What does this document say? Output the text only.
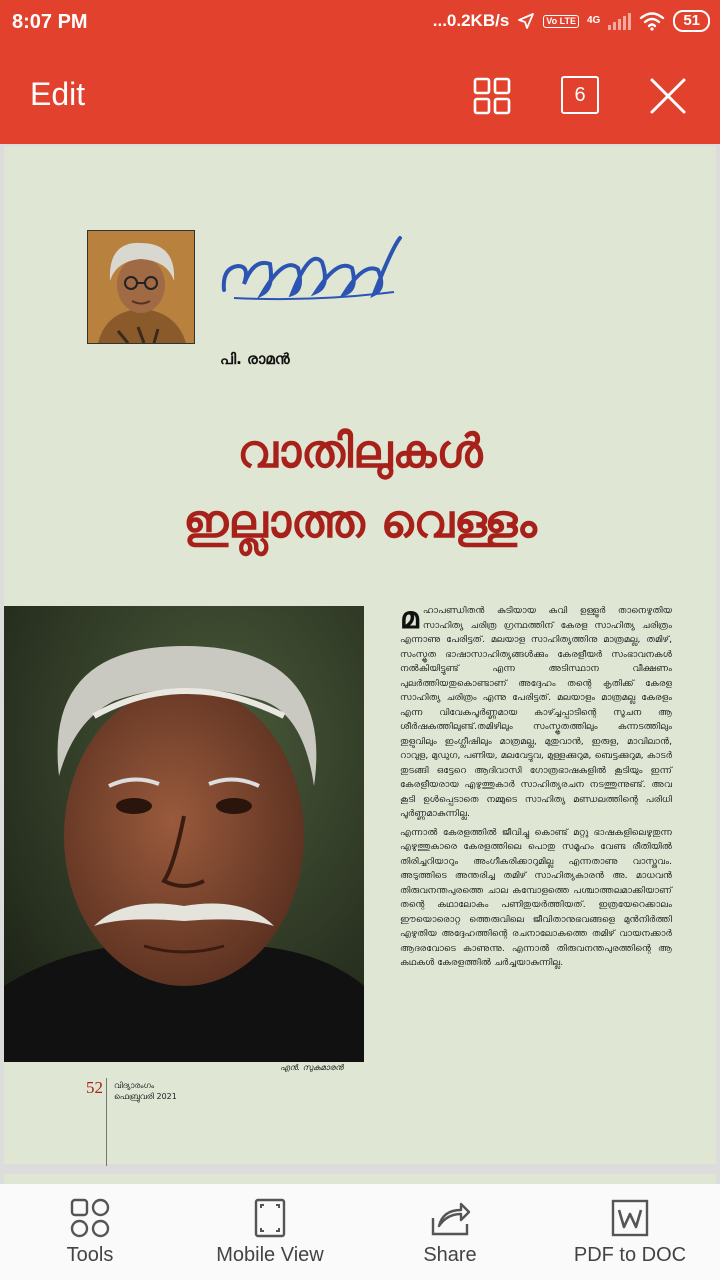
8:07 PM	...0.2KB/s	Vo LTE	4G	51
Edit	6
കവിനിഴൽമാല
പി. രാമൻ
വാതിലുകൾ
ഇല്ലാത്ത വെള്ളം
എൻ. സുകുമാരൻ

മഹാപണ്ഡിതൻ കുടിയായ കവി ഉള്ളൂർ താനെഴുതിയ സാഹിത്യ ചരിത്ര ഗ്രന്ഥത്തിന് കേരള സാഹിത്യ ചരിത്രം എന്നാണു പേരിട്ടത്. മലയാള സാഹിത്യത്തിനു മാത്രമല്ല, തമിഴ്, സംസ്കൃത ഭാഷാസാഹിത്യങ്ങൾക്കും കേരളീയർ സംഭാവനകൾ നൽകിയിട്ടുണ്ട് എന്ന അടിസ്ഥാന വീക്ഷണം പുലർത്തിയതുകൊണ്ടാണ് അദ്ദേഹം തന്റെ കൃതിക്ക് കേരള സാഹിത്യ ചരിത്രം എന്നു പേരിട്ടത്. മലയാളം മാത്രമല്ല കേരളം എന്ന വിവേകപൂർണ്ണമായ കാഴ്ച്ചപ്പാടിന്റെ സൂചന ആ ശീർഷകത്തിലുണ്ട്.തമിഴിലും സംസ്കൃതത്തിലും കന്നടത്തിലും തുളുവിലും ഇംഗ്ലീഷിലും മാത്രമല്ല, മുതുവാൻ, ഇരുള, മാവിലാൻ, റാവുള, മുഡുഗ, പണിയ, മലവേട്ടുവ, മുള്ളക്കുറുമ, ബെട്ടക്കുറുമ, കാടർ തുടങ്ങി ഒട്ടേറെ ആദിവാസി ഗോത്രഭാഷകളിൽ കൂടിയും ഇന്ന് കേരളീയരായ എഴുത്തുകാർ സാഹിത്യരചന നടത്തുന്നുണ്ട്. അവ കൂടി ഉൾപ്പെടാതെ നമ്മുടെ സാഹിത്യ മണ്ഡലത്തിന്റെ പരിധി പൂർണ്ണമാകുന്നില്ല.

എന്നാൽ കേരളത്തിൽ ജീവിച്ചു കൊണ്ട് മറ്റു ഭാഷകളിലെഴുതുന്ന എഴുത്തുകാരെ കേരളത്തിലെ പൊതു സമൂഹം വേണ്ട രീതിയിൽ തിരിച്ചറിയാറും അംഗീകരിക്കാറുമില്ല എന്നതാണു വാസ്തവം. അടുത്തിടെ അന്തരിച്ച തമിഴ് സാഹിത്യകാരൻ അ. മാധവൻ തിരുവനന്തപുരത്തെ ചാല കമ്പോളത്തെ പശ്ചാത്തലമാക്കിയാണ് തന്റെ കഥാലോകം പണിതുയർത്തിയത്. ഇത്രയേറെക്കാലം ഈയൊരൊറ്റ ത്തെരുവിലെ ജീവിതാനുഭവങ്ങളെ മുൻനിർത്തി എഴുതിയ അദ്ദേഹത്തിന്റെ രചനാലോകത്തെ തമിഴ് വായനക്കാർ ആദരവോടെ കാണുന്നു. എന്നാൽ തിരുവനന്തപുരത്തിന്റെ ആ കഥകൾ കേരളത്തിൽ ചർച്ചയാകുന്നില്ല.

52 വിദ്യാരംഗം
ഫെബ്രുവരി 2021
Tools	Mobile View	Share	PDF to DOC
